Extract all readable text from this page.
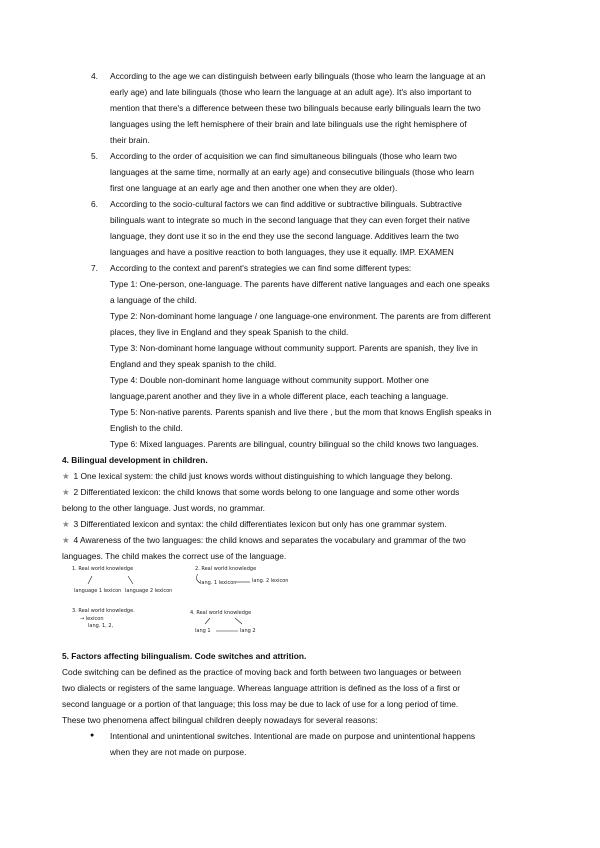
4. According to the age we can distinguish between early bilinguals (those who learn the language at an
early age) and late bilinguals (those who learn the language at an adult age). It's also important to
mention that there's a difference between these two bilinguals because early bilinguals learn the two
languages using the left hemisphere of their brain and late bilinguals use the right hemisphere of
their brain.
5. According to the order of acquisition we can find simultaneous bilinguals (those who learn two
languages at the same time, normally at an early age) and consecutive bilinguals (those who learn
first one language at an early age and then another one when they are older).
6. According to the socio-cultural factors we can find additive or subtractive bilinguals. Subtractive
bilinguals want to integrate so much in the second language that they can even forget their native
language, they dont use it so in the end they use the second language. Additives learn the two
languages and have a positive reaction to both languages, they use it equally. IMP. EXAMEN
7. According to the context and parent's strategies we can find some different types:
Type 1: One-person, one-language. The parents have different native languages and each one speaks
a language of the child.
Type 2: Non-dominant home language / one language-one environment. The parents are from different
places, they live in England and they speak Spanish to the child.
Type 3: Non-dominant home language without community support. Parents are spanish, they live in
England and they speak spanish to the child.
Type 4: Double non-dominant home language without community support. Mother one
language,parent another and they live in a whole different place, each teaching a language.
Type 5: Non-native parents. Parents spanish and live there , but the mom that knows English speaks in
English to the child.
Type 6: Mixed languages. Parents are bilingual, country bilingual so the child knows two languages.
4. Bilingual development in children.
★ 1 One lexical system: the child just knows words without distinguishing to which language they belong.
★ 2 Differentiated lexicon: the child knows that some words belong to one language and some other words
belong to the other language. Just words, no grammar.
★ 3 Differentiated lexicon and syntax: the child differentiates lexicon but only has one grammar system.
★ 4 Awareness of the two languages: the child knows and separates the vocabulary and grammar of the two
languages. The child makes the correct use of the language.
5. Factors affecting bilingualism. Code switches and attrition.
Code switching can be defined as the practice of moving back and forth between two languages or between
two dialects or registers of the same language. Whereas language attrition is defined as the loss of a first or
second language or a portion of that language; this loss may be due to lack of use for a long period of time.
These two phenomena affect bilingual children deeply nowadays for several reasons:
● Intentional and unintentional switches. Intentional are made on purpose and unintentional happens
when they are not made on purpose.
1. Real world knowledge
language 1 lexicon language 2 lexicon
2. Real world knowledge
lang. 1 lexicon	lang. 2 lexicon
3. Real world knowledge.
→ lexicon
lang. 1, 2,
4. Real world knowledge
lang 1	lang 2
